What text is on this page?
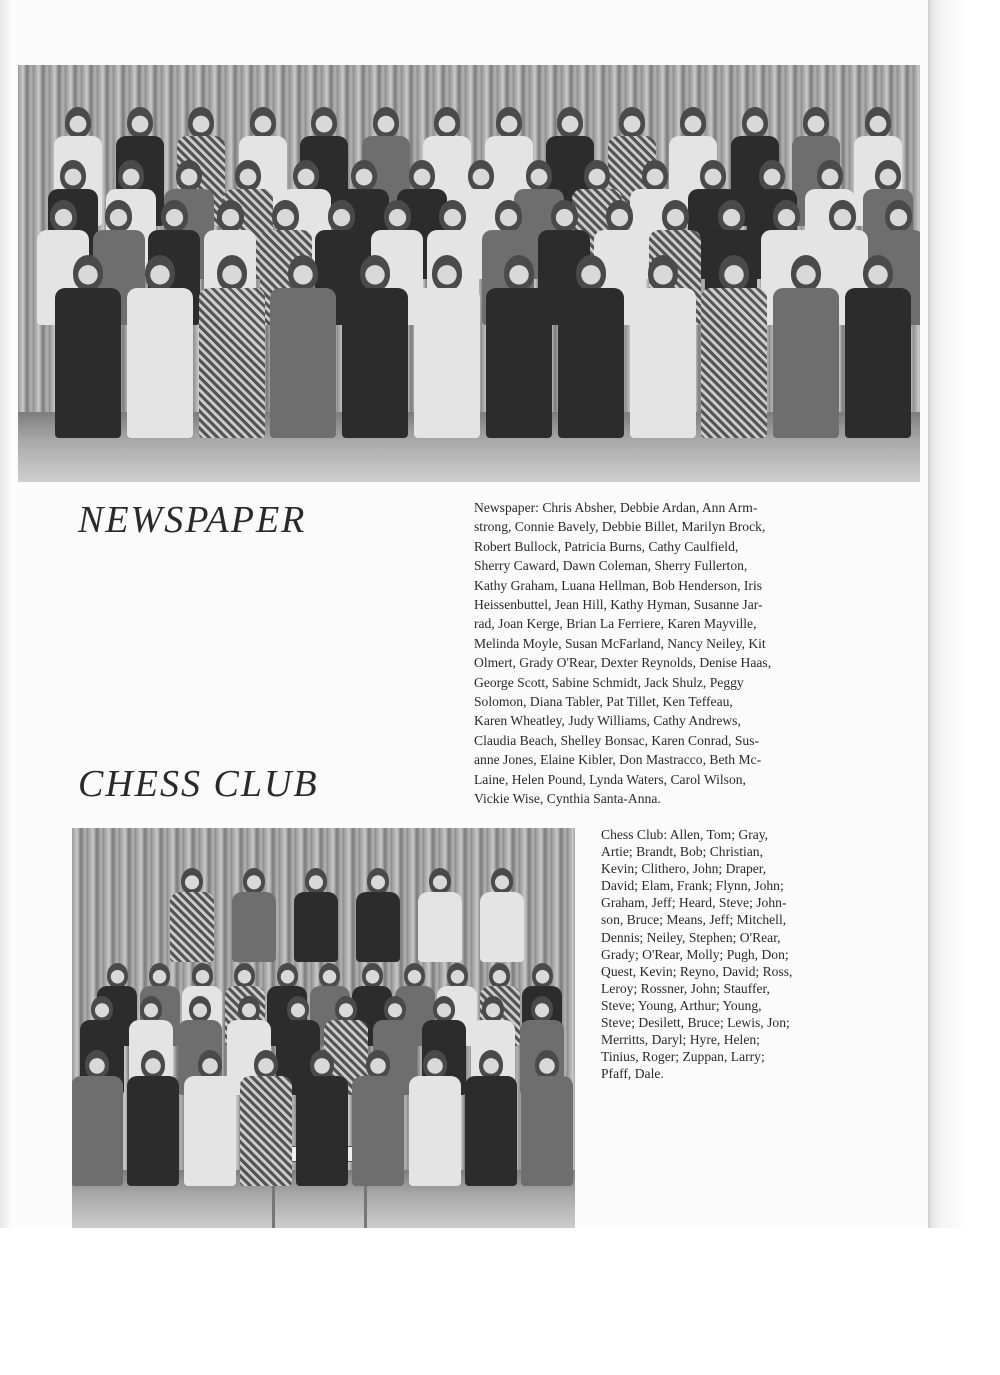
NEWSPAPER	Newspaper: Chris Absher, Debbie Ardan, Ann Arm-
strong, Connie Bavely, Debbie Billet, Marilyn Brock,
Robert Bullock, Patricia Burns, Cathy Caulfield,
Sherry Caward, Dawn Coleman, Sherry Fullerton,
Kathy Graham, Luana Hellman, Bob Henderson, Iris
Heissenbuttel, Jean Hill, Kathy Hyman, Susanne Jar-
rad, Joan Kerge, Brian La Ferriere, Karen Mayville,
Melinda Moyle, Susan McFarland, Nancy Neiley, Kit
Olmert, Grady O'Rear, Dexter Reynolds, Denise Haas,
George Scott, Sabine Schmidt, Jack Shulz, Peggy
Solomon, Diana Tabler, Pat Tillet, Ken Teffeau,
Karen Wheatley, Judy Williams, Cathy Andrews,
Claudia Beach, Shelley Bonsac, Karen Conrad, Sus-
anne Jones, Elaine Kibler, Don Mastracco, Beth Mc-
Laine, Helen Pound, Lynda Waters, Carol Wilson,
Vickie Wise, Cynthia Santa-Anna.

CHESS CLUB

Chess Club: Allen, Tom; Gray,
Artie; Brandt, Bob; Christian,
Kevin; Clithero, John; Draper,
David; Elam, Frank; Flynn, John;
Graham, Jeff; Heard, Steve; John-
son, Bruce; Means, Jeff; Mitchell,
Dennis; Neiley, Stephen; O'Rear,
Grady; O'Rear, Molly; Pugh, Don;
Quest, Kevin; Reyno, David; Ross,
Leroy; Rossner, John; Stauffer,
Steve; Young, Arthur; Young,
Steve; Desilett, Bruce; Lewis, Jon;
Merritts, Daryl; Hyre, Helen;
Tinius, Roger; Zuppan, Larry;
Pfaff, Dale.
